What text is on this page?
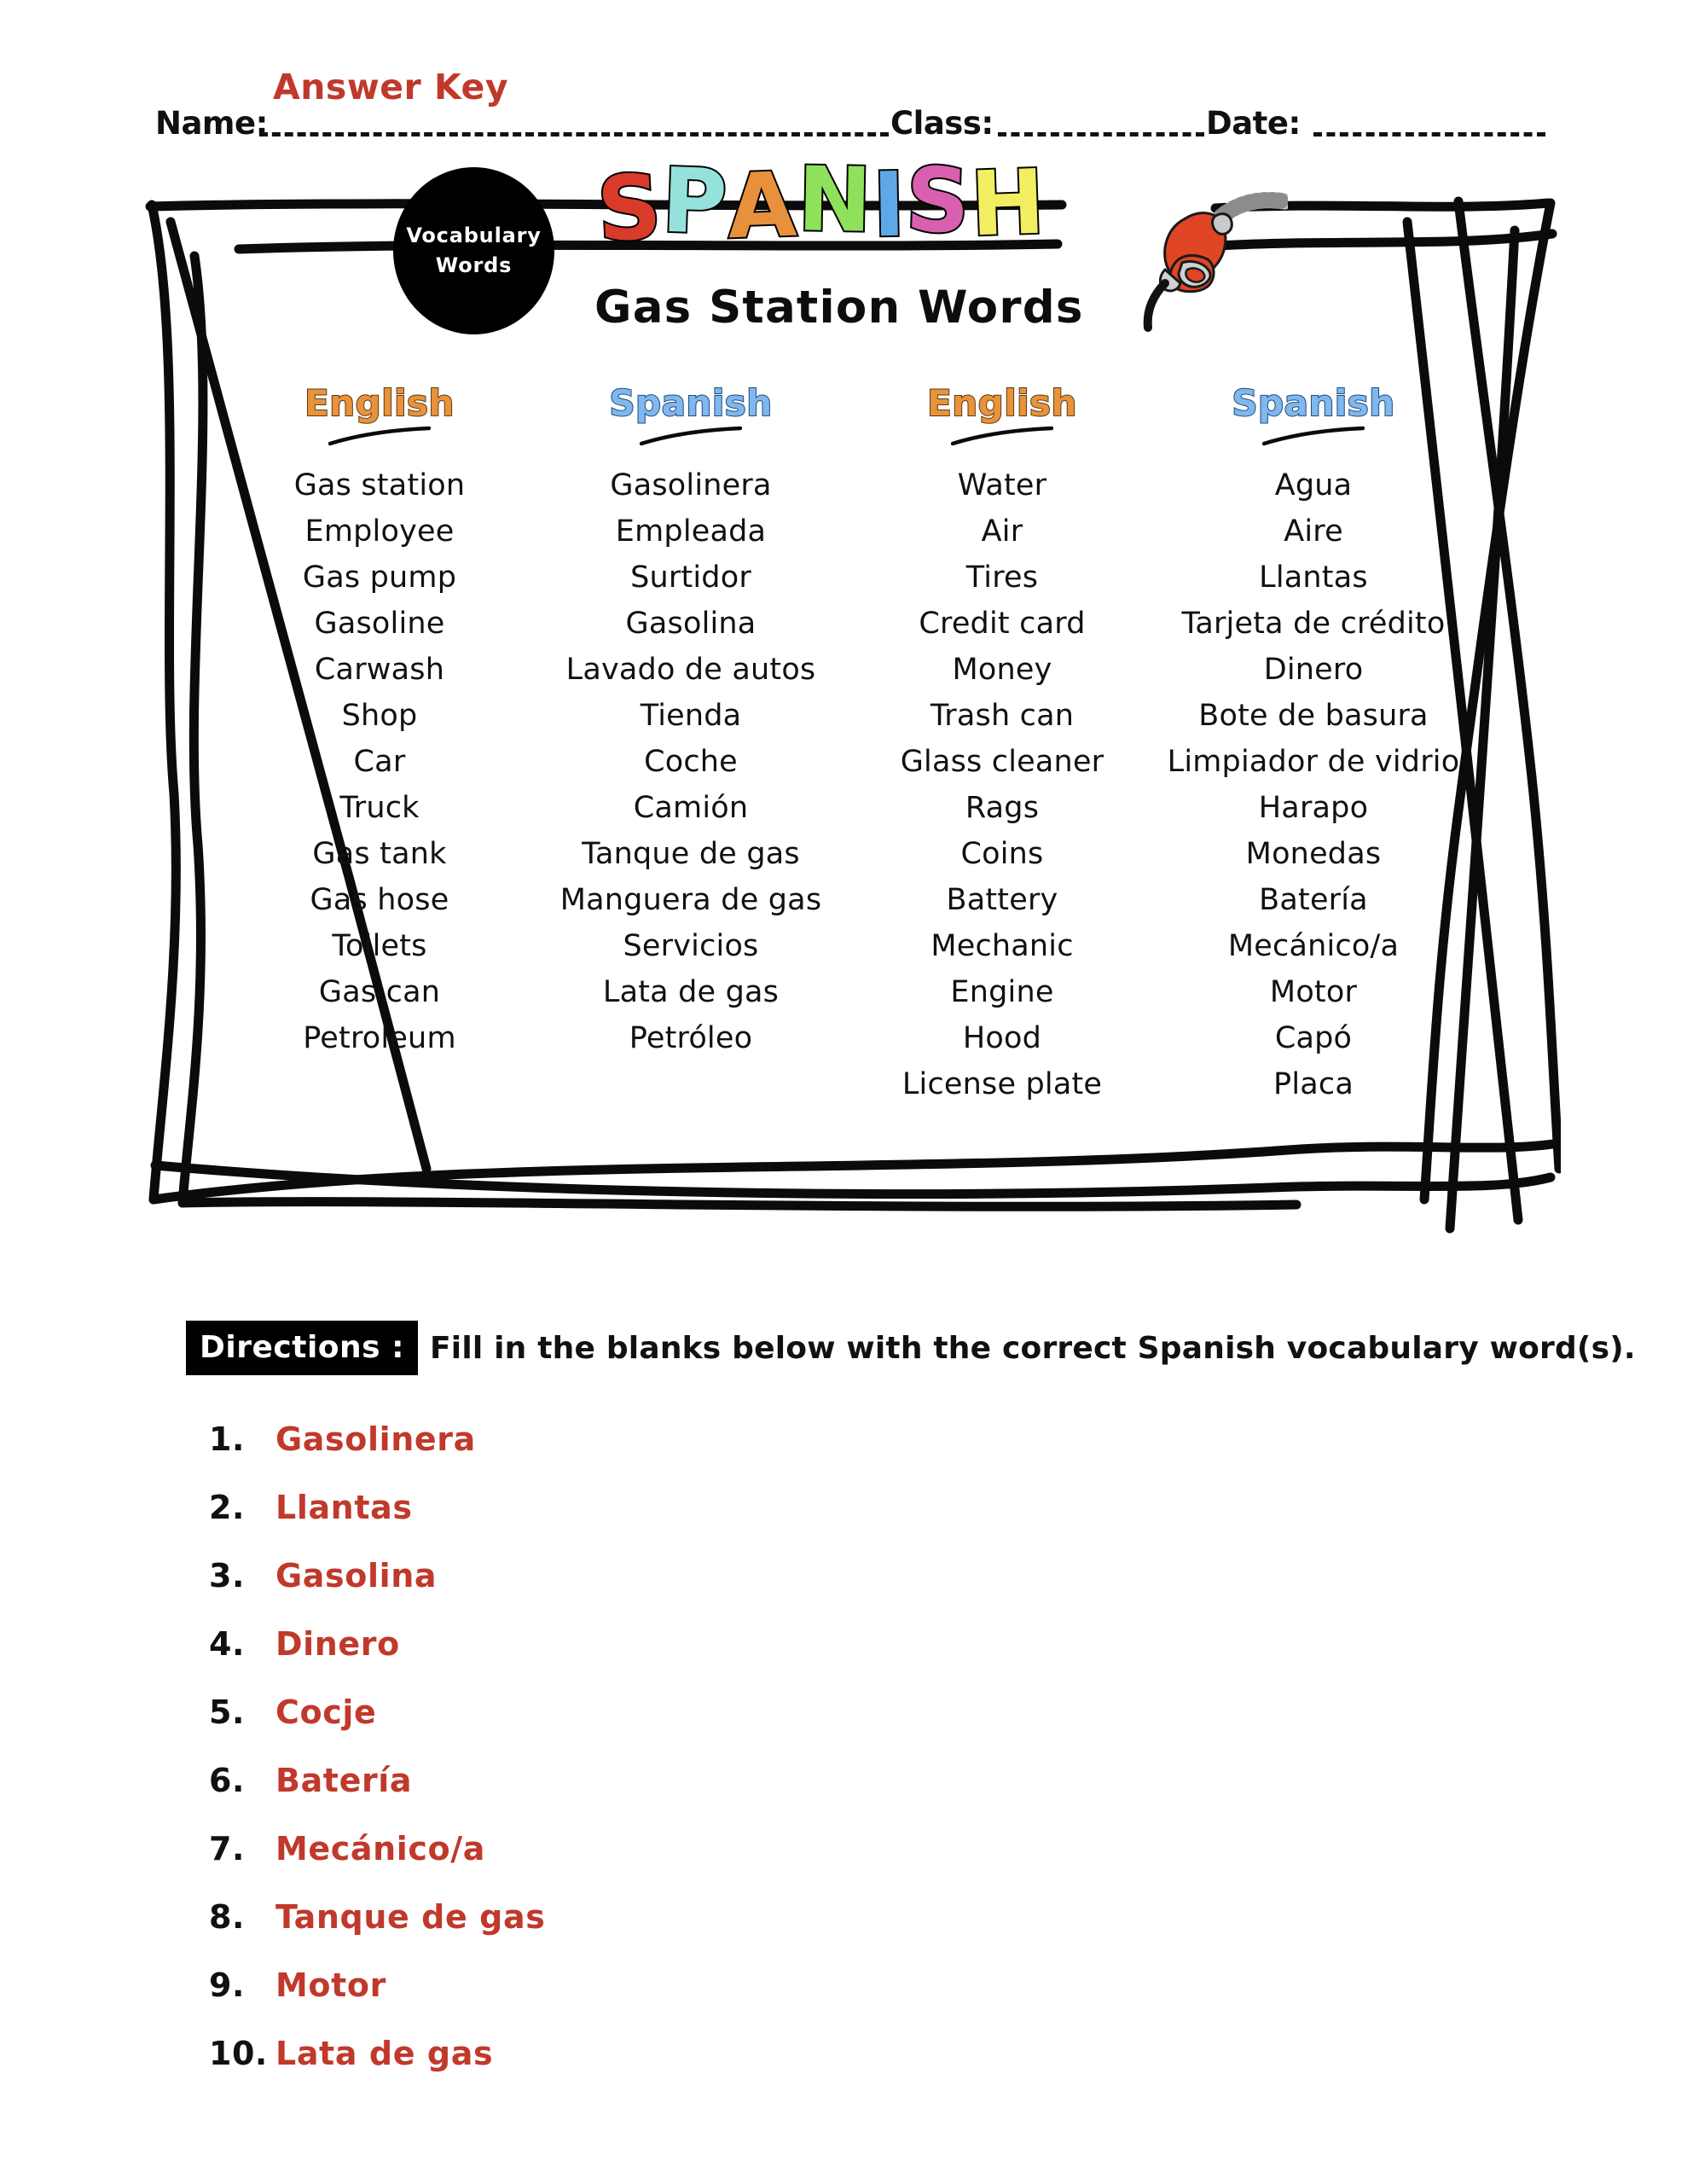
Name:	Class:	Date:
Answer Key
Vocabulary
Words
S
P
A
N
I
S
H
Gas Station Words
English
Gas station
Employee
Gas pump
Gasoline
Carwash
Shop
Car
Truck
Gas tank
Gas hose
Toilets
Gas can
Petroleum
Spanish
Gasolinera
Empleada
Surtidor
Gasolina
Lavado de autos
Tienda
Coche
Camión
Tanque de gas
Manguera de gas
Servicios
Lata de gas
Petróleo
English
Water
Air
Tires
Credit card
Money
Trash can
Glass cleaner
Rags
Coins
Battery
Mechanic
Engine
Hood
License plate
Spanish
Agua
Aire
Llantas
Tarjeta de crédito
Dinero
Bote de basura
Limpiador de vidrio
Harapo
Monedas
Batería
Mecánico/a
Motor
Capó
Placa
Directions : Fill in the blanks below with the correct Spanish vocabulary word(s).
1. Gasolinera
2. Llantas
3. Gasolina
4. Dinero
5. Cocje
6. Batería
7. Mecánico/a
8. Tanque de gas
9. Motor
10. Lata de gas
